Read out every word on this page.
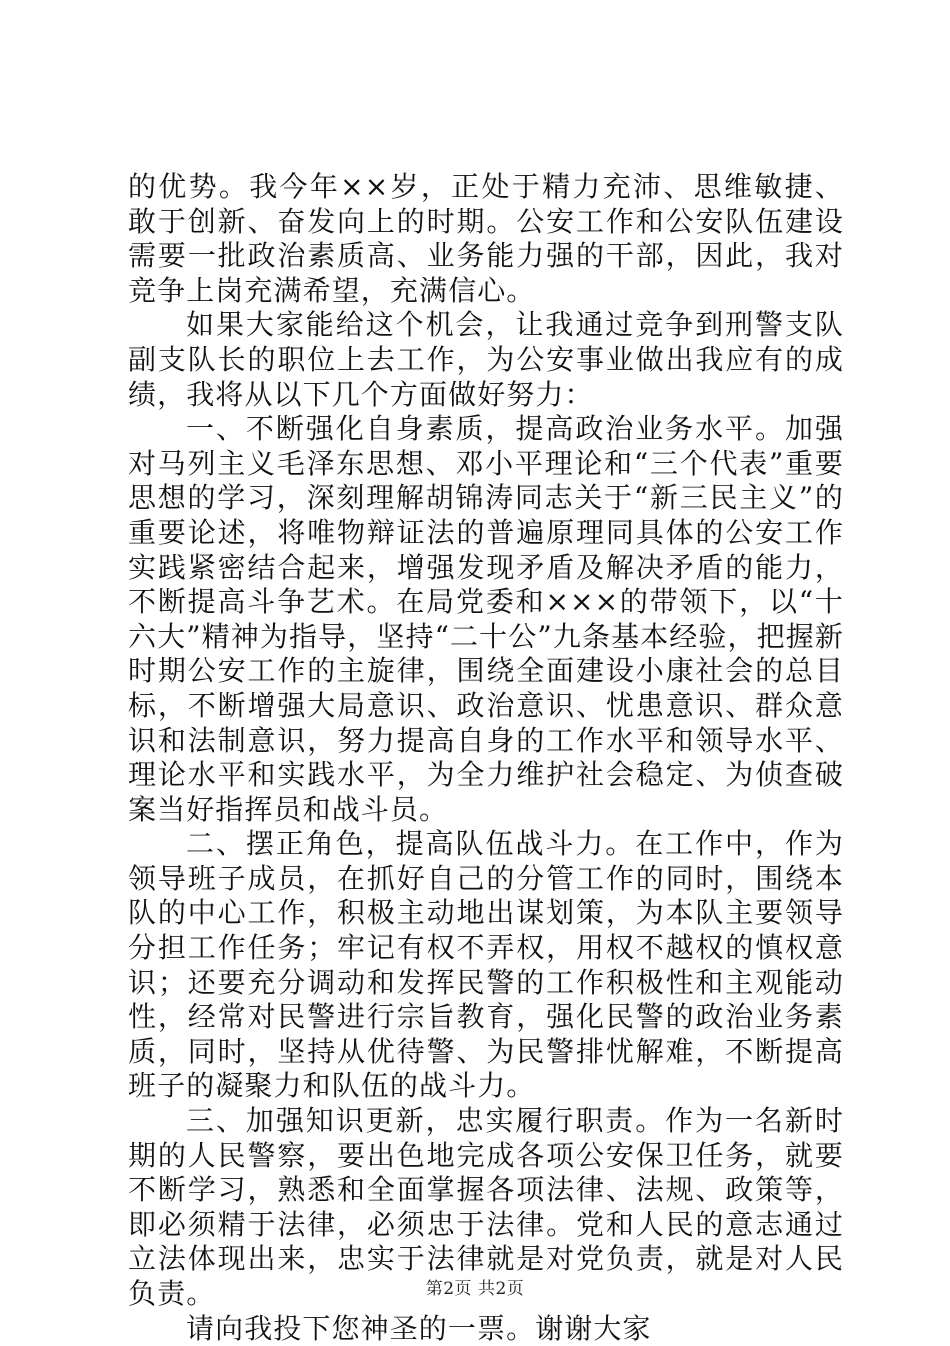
的优势。我今年××岁，正处于精力充沛、思维敏捷、敢于创新、奋发向上的时期。公安工作和公安队伍建设需要一批政治素质高、业务能力强的干部，因此，我对竞争上岗充满希望，充满信心。

如果大家能给这个机会，让我通过竞争到刑警支队副支队长的职位上去工作，为公安事业做出我应有的成绩，我将从以下几个方面做好努力：

一、不断强化自身素质，提高政治业务水平。加强对马列主义毛泽东思想、邓小平理论和“三个代表”重要思想的学习，深刻理解胡锦涛同志关于“新三民主义”的重要论述，将唯物辩证法的普遍原理同具体的公安工作实践紧密结合起来，增强发现矛盾及解决矛盾的能力，不断提高斗争艺术。在局党委和×××的带领下，以“十六大”精神为指导，坚持“二十公”九条基本经验，把握新时期公安工作的主旋律，围绕全面建设小康社会的总目标，不断增强大局意识、政治意识、忧患意识、群众意识和法制意识，努力提高自身的工作水平和领导水平、理论水平和实践水平，为全力维护社会稳定、为侦查破案当好指挥员和战斗员。

二、摆正角色，提高队伍战斗力。在工作中，作为领导班子成员，在抓好自己的分管工作的同时，围绕本队的中心工作，积极主动地出谋划策，为本队主要领导分担工作任务；牢记有权不弄权，用权不越权的慎权意识；还要充分调动和发挥民警的工作积极性和主观能动性，经常对民警进行宗旨教育，强化民警的政治业务素质，同时，坚持从优待警、为民警排忧解难，不断提高班子的凝聚力和队伍的战斗力。

三、加强知识更新，忠实履行职责。作为一名新时期的人民警察，要出色地完成各项公安保卫任务，就要不断学习，熟悉和全面掌握各项法律、法规、政策等，即必须精于法律，必须忠于法律。党和人民的意志通过立法体现出来，忠实于法律就是对党负责，就是对人民负责。

请向我投下您神圣的一票。谢谢大家

第2页 共2页
